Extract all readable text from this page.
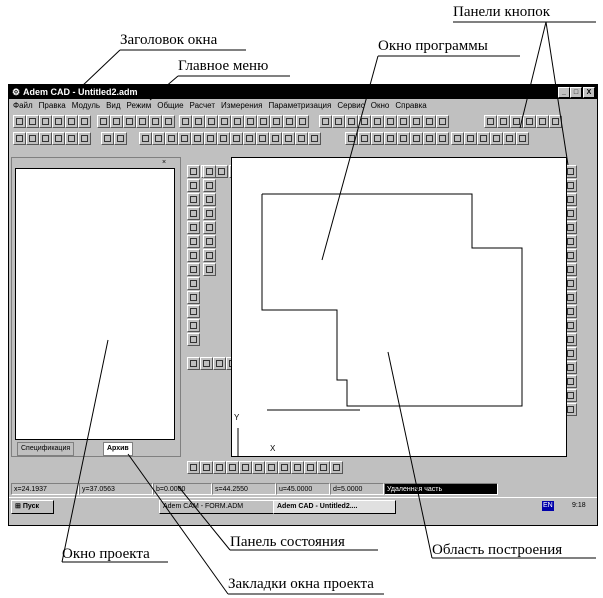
Заголовок окна
Главное меню
Панели кнопок
Окно программы
Окно проекта
Панель состояния
Закладки окна проекта
Область построения
⚙ Adem CAD - Untitled2.adm	_	□	X
Файл Правка Модуль Вид Режим Общие Расчет Измерения Параметризация Сервис Окно Справка
×
Спецификация	Архив
Y
X
x=24.1937	y=37.0563	b=0.0000	s=44.2550	u=45.0000	d=5.0000	Удаленная часть
⊞ Пуск	Adem CAM - FORM.ADM	Adem CAD - Untitled2....	EN	9:18
